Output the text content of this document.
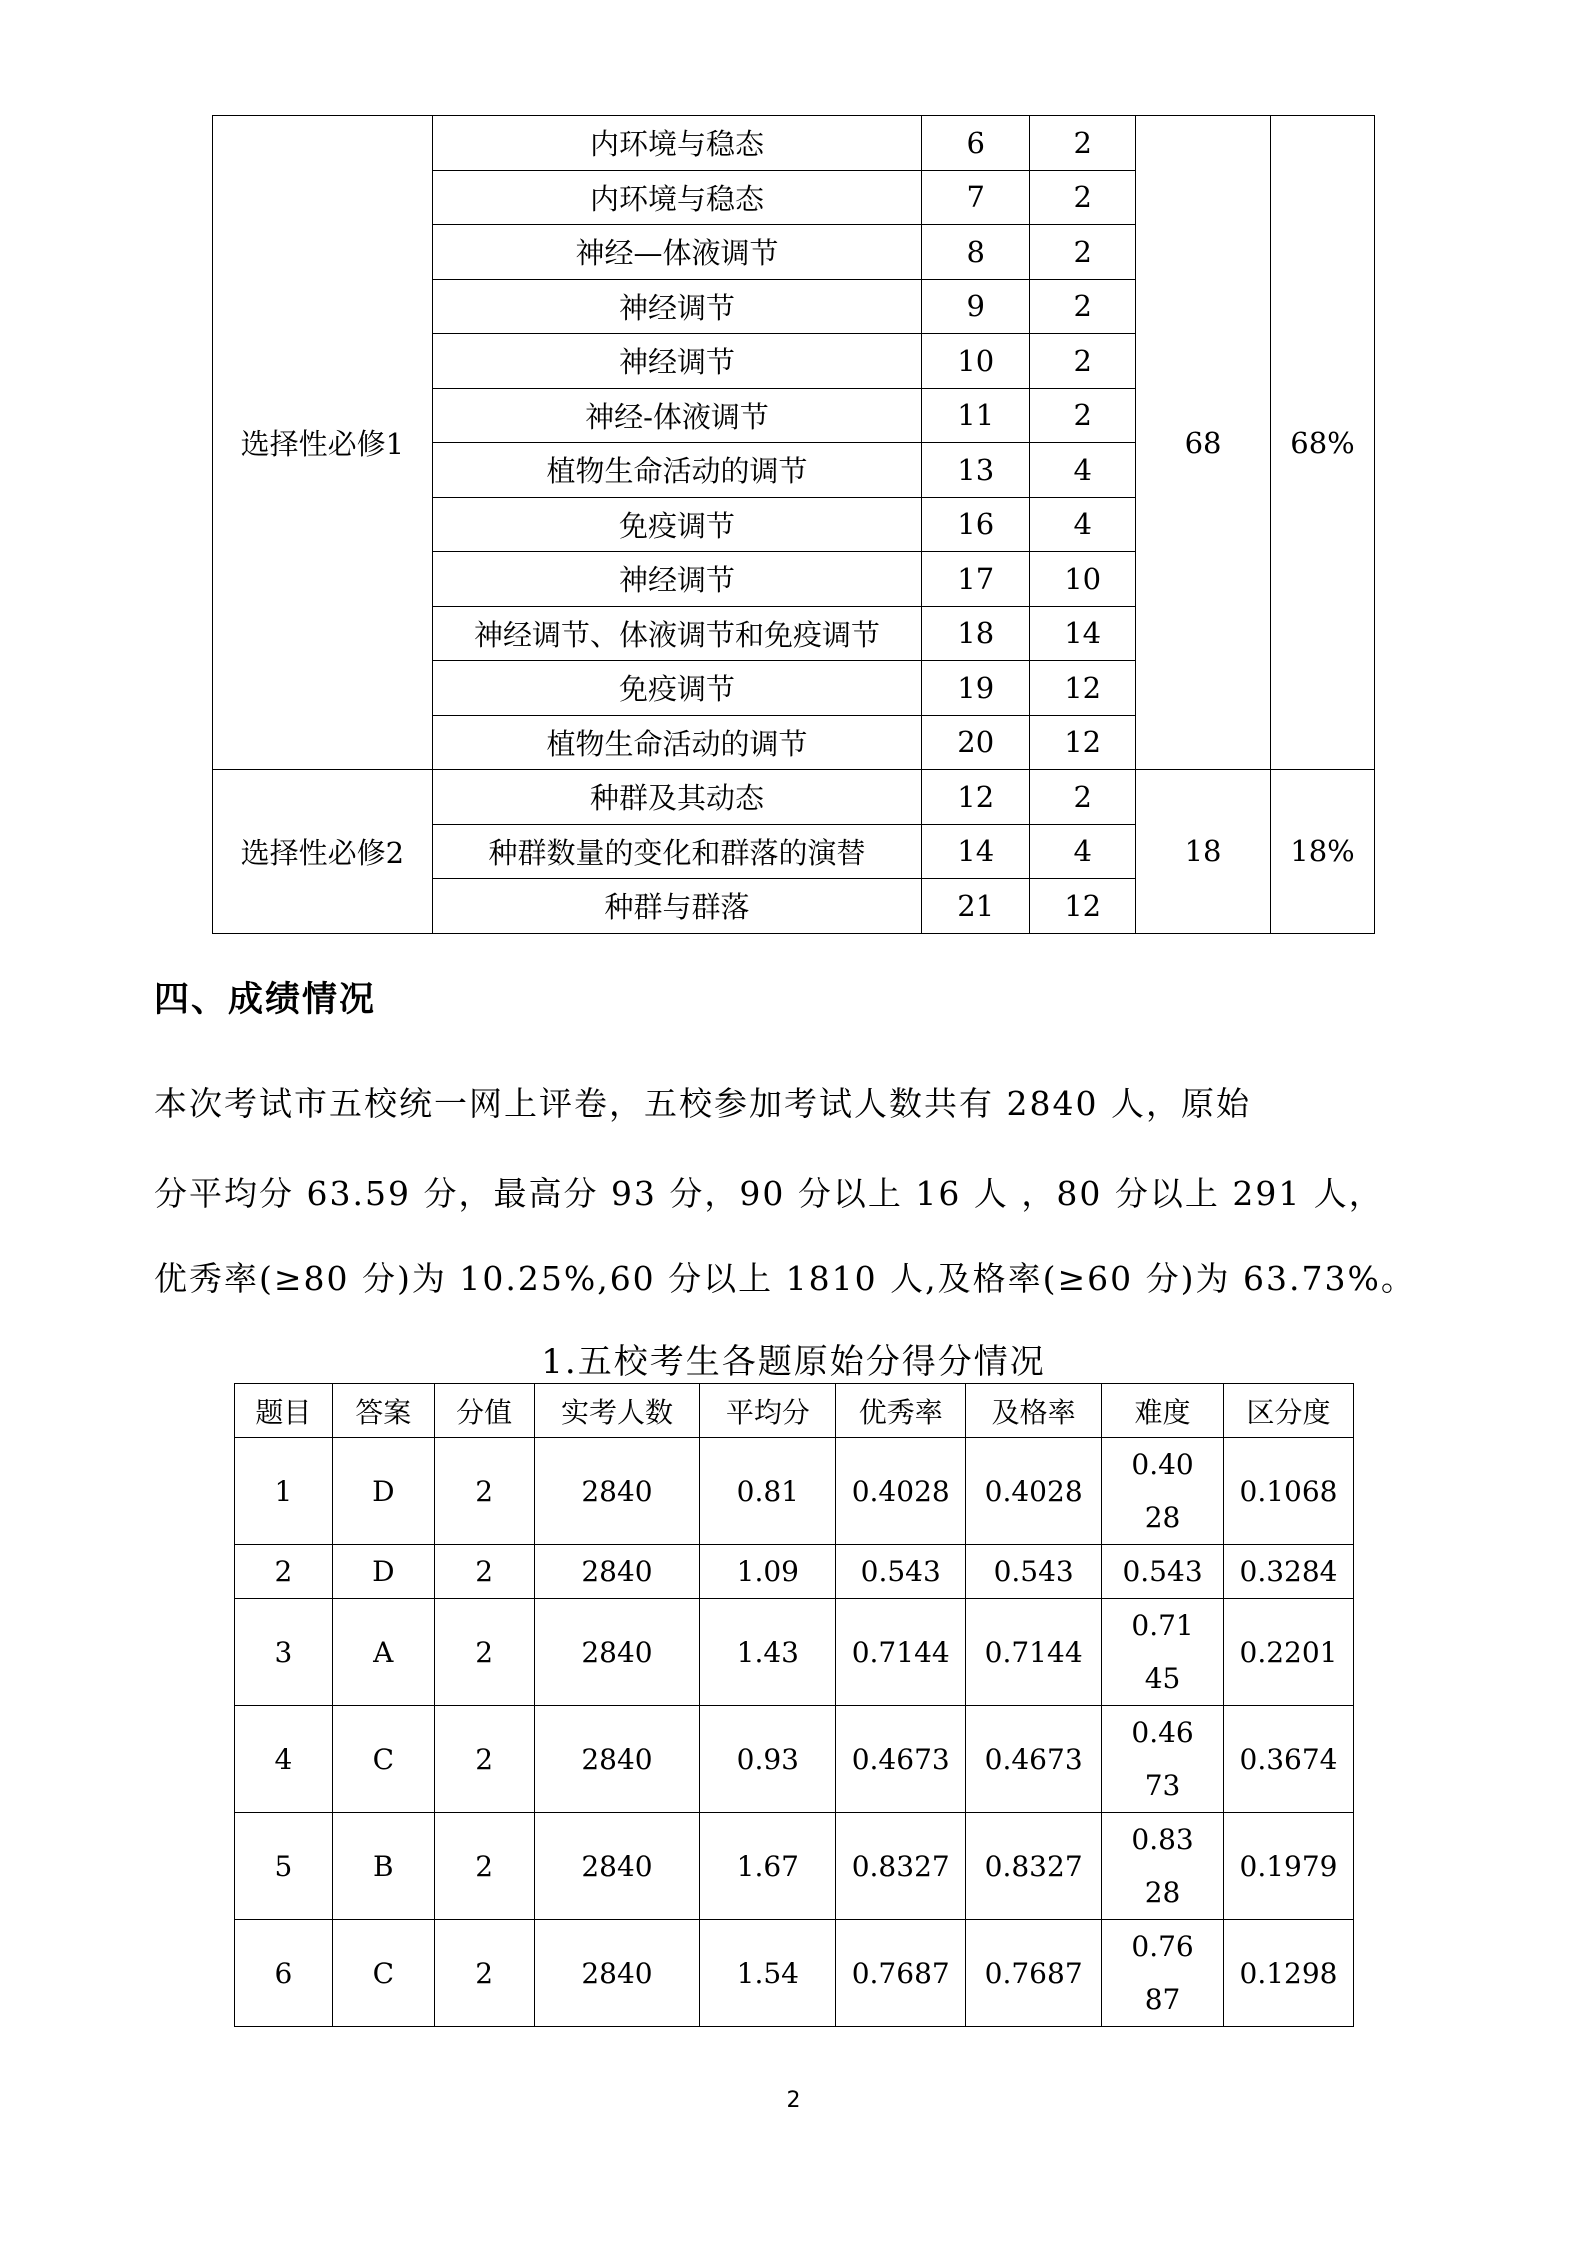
选择性必修1	内环境与稳态	6	2	68	68%
	内环境与稳态	7	2		
	神经—体液调节	8	2		
	神经调节	9	2		
	神经调节	10	2		
	神经-体液调节	11	2		
	植物生命活动的调节	13	4		
	免疫调节	16	4		
	神经调节	17	10		
	神经调节、体液调节和免疫调节	18	14		
	免疫调节	19	12		
	植物生命活动的调节	20	12		
选择性必修2	种群及其动态	12	2	18	18%
	种群数量的变化和群落的演替	14	4		
	种群与群落	21	12		
四、成绩情况

本次考试市五校统一网上评卷，五校参加考试人数共有 2840 人，原始

分平均分 63.59 分，最高分 93 分，90 分以上 16 人 ，80 分以上 291 人，

优秀率(≥80 分)为 10.25%,60 分以上 1810 人,及格率(≥60 分)为 63.73%。

1.五校考生各题原始分得分情况

题目	答案	分值	实考人数	平均分	优秀率	及格率	难度	区分度
1	D	2	2840	0.81	0.4028	0.4028	0.4028	0.1068
2	D	2	2840	1.09	0.543	0.543	0.543	0.3284
3	A	2	2840	1.43	0.7144	0.7144	0.7145	0.2201
4	C	2	2840	0.93	0.4673	0.4673	0.4673	0.3674
5	B	2	2840	1.67	0.8327	0.8327	0.8328	0.1979
6	C	2	2840	1.54	0.7687	0.7687	0.7687	0.1298
2
